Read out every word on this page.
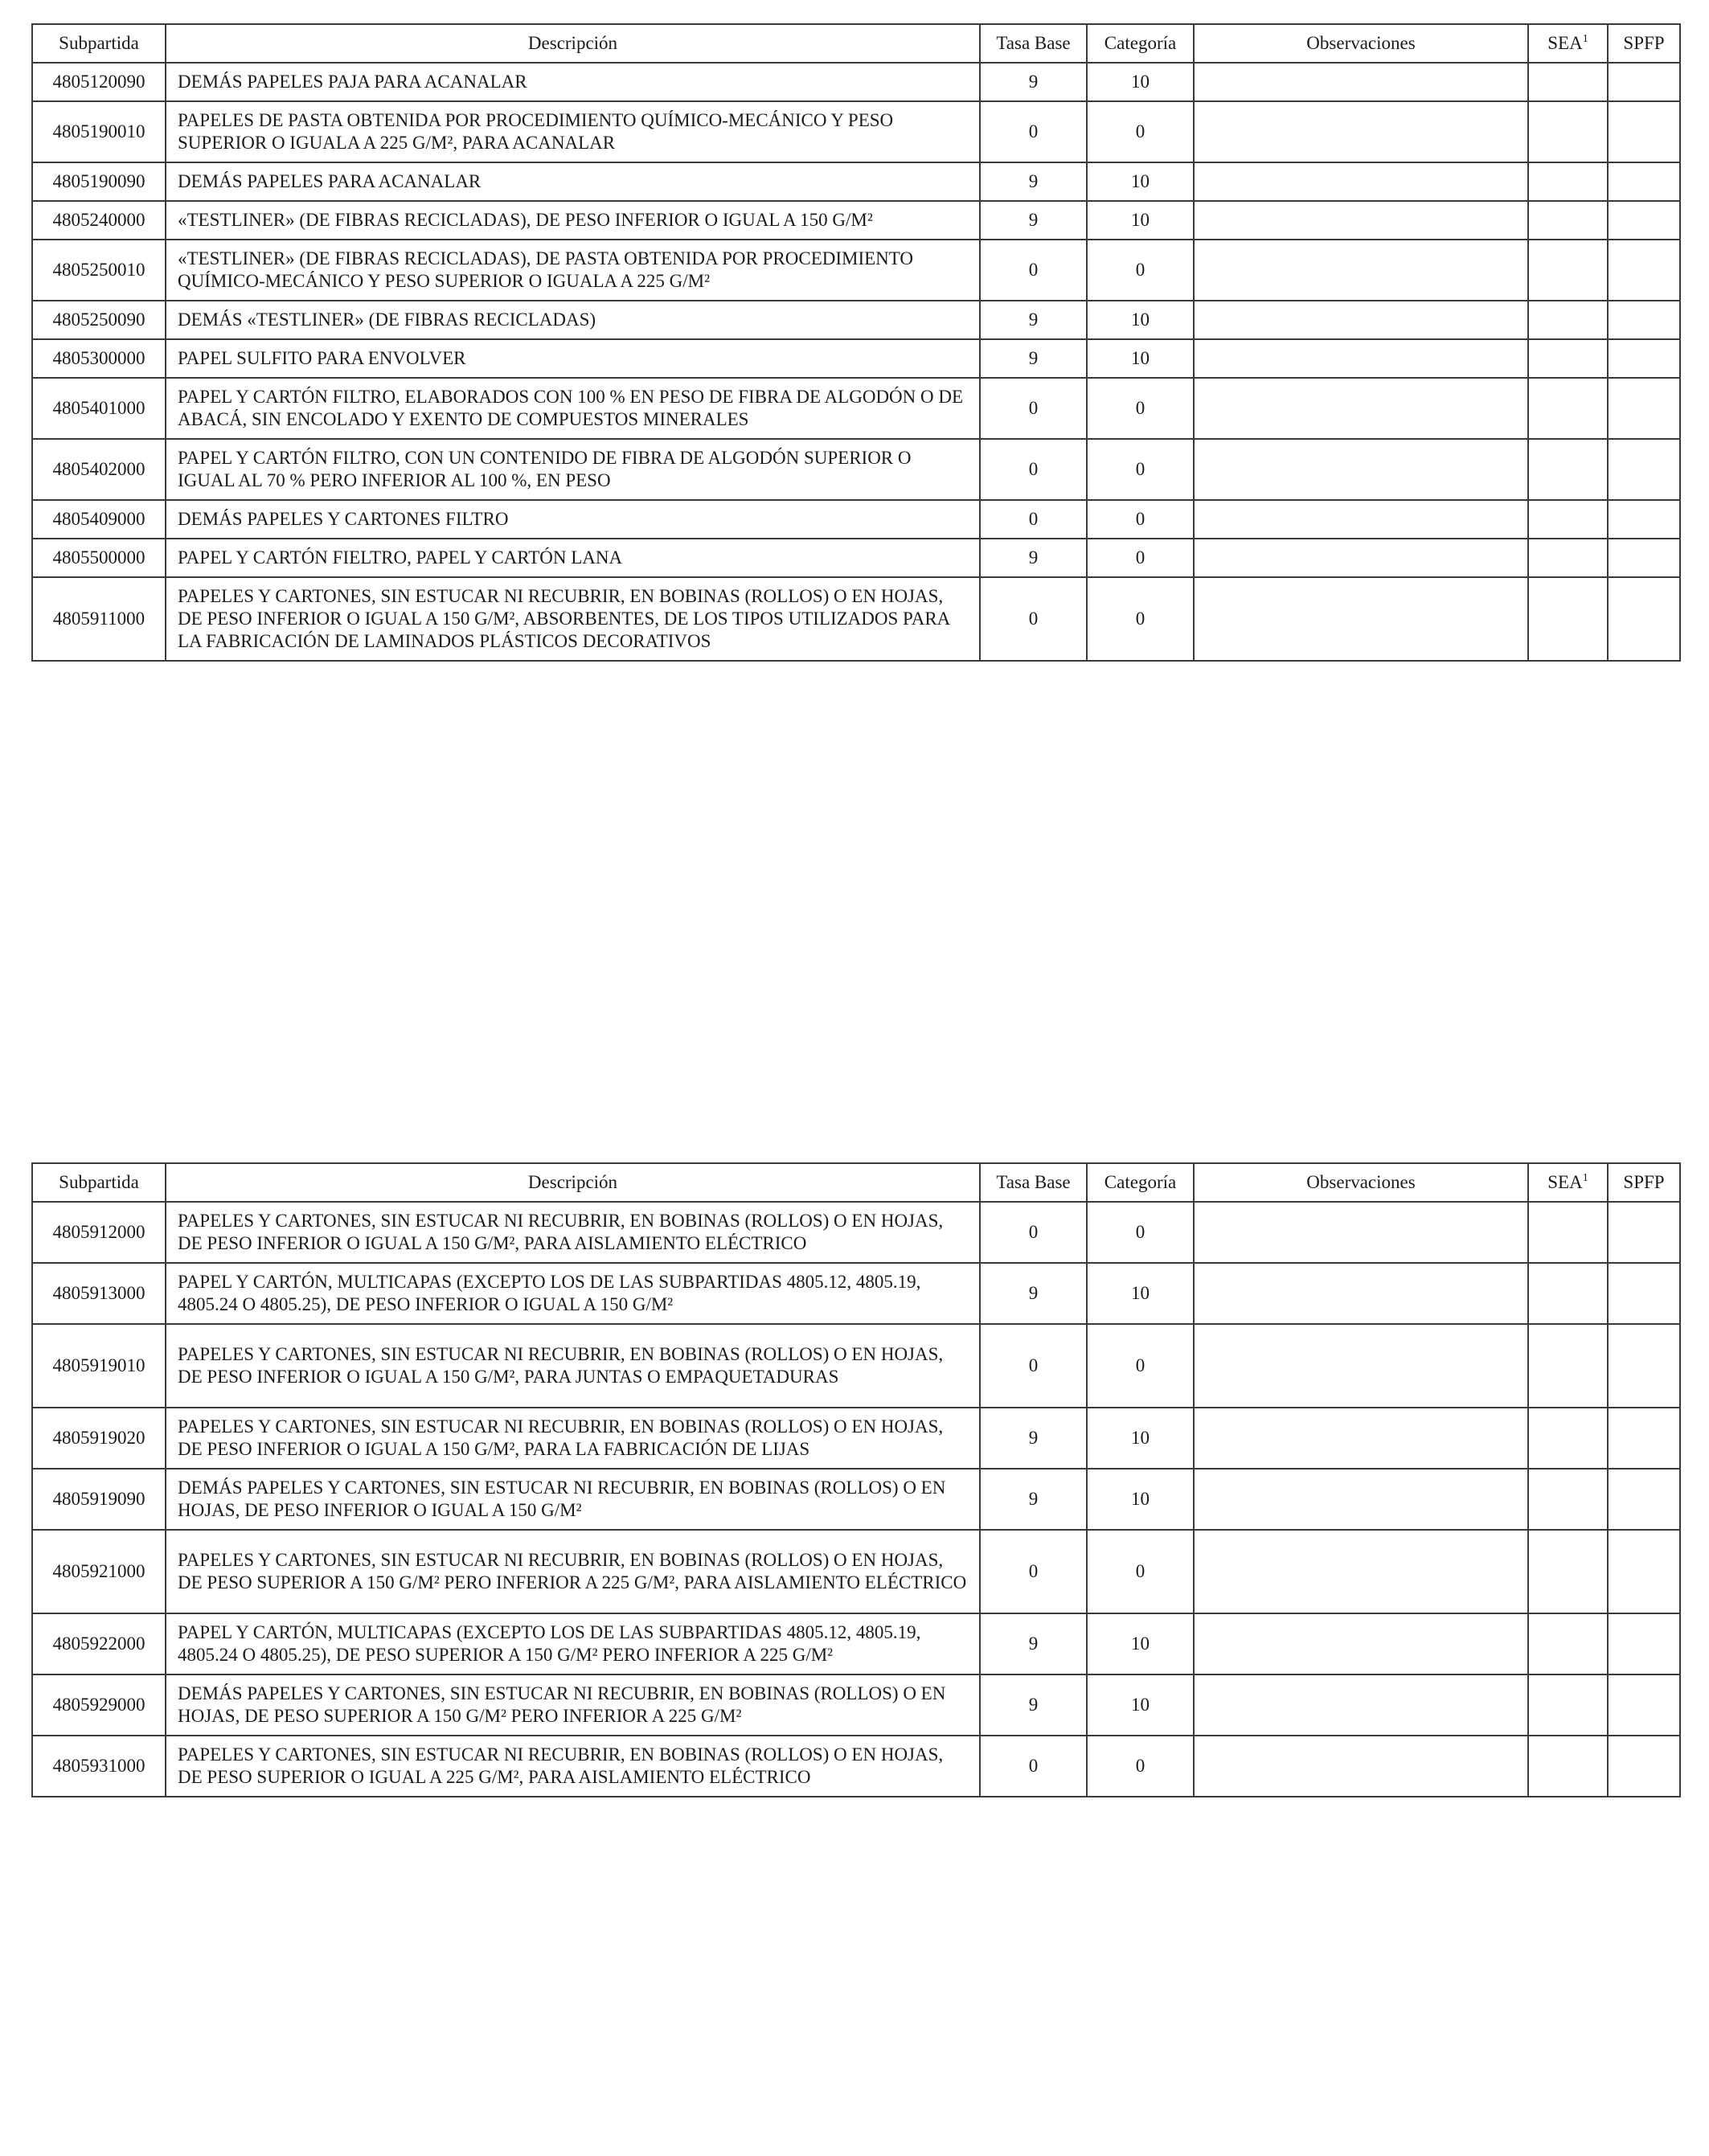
Subpartida	Descripción	Tasa Base	Categoría	Observaciones	SEA$^1$	SPFP
4805120090	DEMÁS PAPELES PAJA PARA ACANALAR	9	10			
4805190010	PAPELES DE PASTA OBTENIDA POR PROCEDIMIENTO QUÍMICO-MECÁNICO Y PESO SUPERIOR O IGUALA A 225 G/M², PARA ACANALAR	0	0			
4805190090	DEMÁS PAPELES PARA ACANALAR	9	10			
4805240000	«TESTLINER» (DE FIBRAS RECICLADAS), DE PESO INFERIOR O IGUAL A 150 G/M²	9	10			
4805250010	«TESTLINER» (DE FIBRAS RECICLADAS), DE PASTA OBTENIDA POR PROCEDIMIENTO QUÍMICO-MECÁNICO Y PESO SUPERIOR O IGUALA A 225 G/M²	0	0			
4805250090	DEMÁS «TESTLINER» (DE FIBRAS RECICLADAS)	9	10			
4805300000	PAPEL SULFITO PARA ENVOLVER	9	10			
4805401000	PAPEL Y CARTÓN FILTRO, ELABORADOS CON 100 % EN PESO DE FIBRA DE ALGODÓN O DE ABACÁ, SIN ENCOLADO Y EXENTO DE COMPUESTOS MINERALES	0	0			
4805402000	PAPEL Y CARTÓN FILTRO, CON UN CONTENIDO DE FIBRA DE ALGODÓN SUPERIOR O IGUAL AL 70 % PERO INFERIOR AL 100 %, EN PESO	0	0			
4805409000	DEMÁS PAPELES Y CARTONES FILTRO	0	0			
4805500000	PAPEL Y CARTÓN FIELTRO, PAPEL Y CARTÓN LANA	9	0			
4805911000	PAPELES Y CARTONES, SIN ESTUCAR NI RECUBRIR, EN BOBINAS (ROLLOS) O EN HOJAS, DE PESO INFERIOR O IGUAL A 150 G/M², ABSORBENTES, DE LOS TIPOS UTILIZADOS PARA LA FABRICACIÓN DE LAMINADOS PLÁSTICOS DECORATIVOS	0	0			
Subpartida	Descripción	Tasa Base	Categoría	Observaciones	SEA$^1$	SPFP
4805912000	PAPELES Y CARTONES, SIN ESTUCAR NI RECUBRIR, EN BOBINAS (ROLLOS) O EN HOJAS, DE PESO INFERIOR O IGUAL A 150 G/M², PARA AISLAMIENTO ELÉCTRICO	0	0			
4805913000	PAPEL Y CARTÓN, MULTICAPAS (EXCEPTO LOS DE LAS SUBPARTIDAS 4805.12, 4805.19, 4805.24 O 4805.25), DE PESO INFERIOR O IGUAL A 150 G/M²	9	10			
4805919010	PAPELES Y CARTONES, SIN ESTUCAR NI RECUBRIR, EN BOBINAS (ROLLOS) O EN HOJAS, DE PESO INFERIOR O IGUAL A 150 G/M², PARA JUNTAS O EMPAQUETADURAS	0	0			
4805919020	PAPELES Y CARTONES, SIN ESTUCAR NI RECUBRIR, EN BOBINAS (ROLLOS) O EN HOJAS, DE PESO INFERIOR O IGUAL A 150 G/M², PARA LA FABRICACIÓN DE LIJAS	9	10			
4805919090	DEMÁS PAPELES Y CARTONES, SIN ESTUCAR NI RECUBRIR, EN BOBINAS (ROLLOS) O EN HOJAS, DE PESO INFERIOR O IGUAL A 150 G/M²	9	10			
4805921000	PAPELES Y CARTONES, SIN ESTUCAR NI RECUBRIR, EN BOBINAS (ROLLOS) O EN HOJAS, DE PESO SUPERIOR A 150 G/M² PERO INFERIOR A 225 G/M², PARA AISLAMIENTO ELÉCTRICO	0	0			
4805922000	PAPEL Y CARTÓN, MULTICAPAS (EXCEPTO LOS DE LAS SUBPARTIDAS 4805.12, 4805.19, 4805.24 O 4805.25), DE PESO SUPERIOR A 150 G/M² PERO INFERIOR A 225 G/M²	9	10			
4805929000	DEMÁS PAPELES Y CARTONES, SIN ESTUCAR NI RECUBRIR, EN BOBINAS (ROLLOS) O EN HOJAS, DE PESO SUPERIOR A 150 G/M² PERO INFERIOR A 225 G/M²	9	10			
4805931000	PAPELES Y CARTONES, SIN ESTUCAR NI RECUBRIR, EN BOBINAS (ROLLOS) O EN HOJAS, DE PESO SUPERIOR O IGUAL A 225 G/M², PARA AISLAMIENTO ELÉCTRICO	0	0			
